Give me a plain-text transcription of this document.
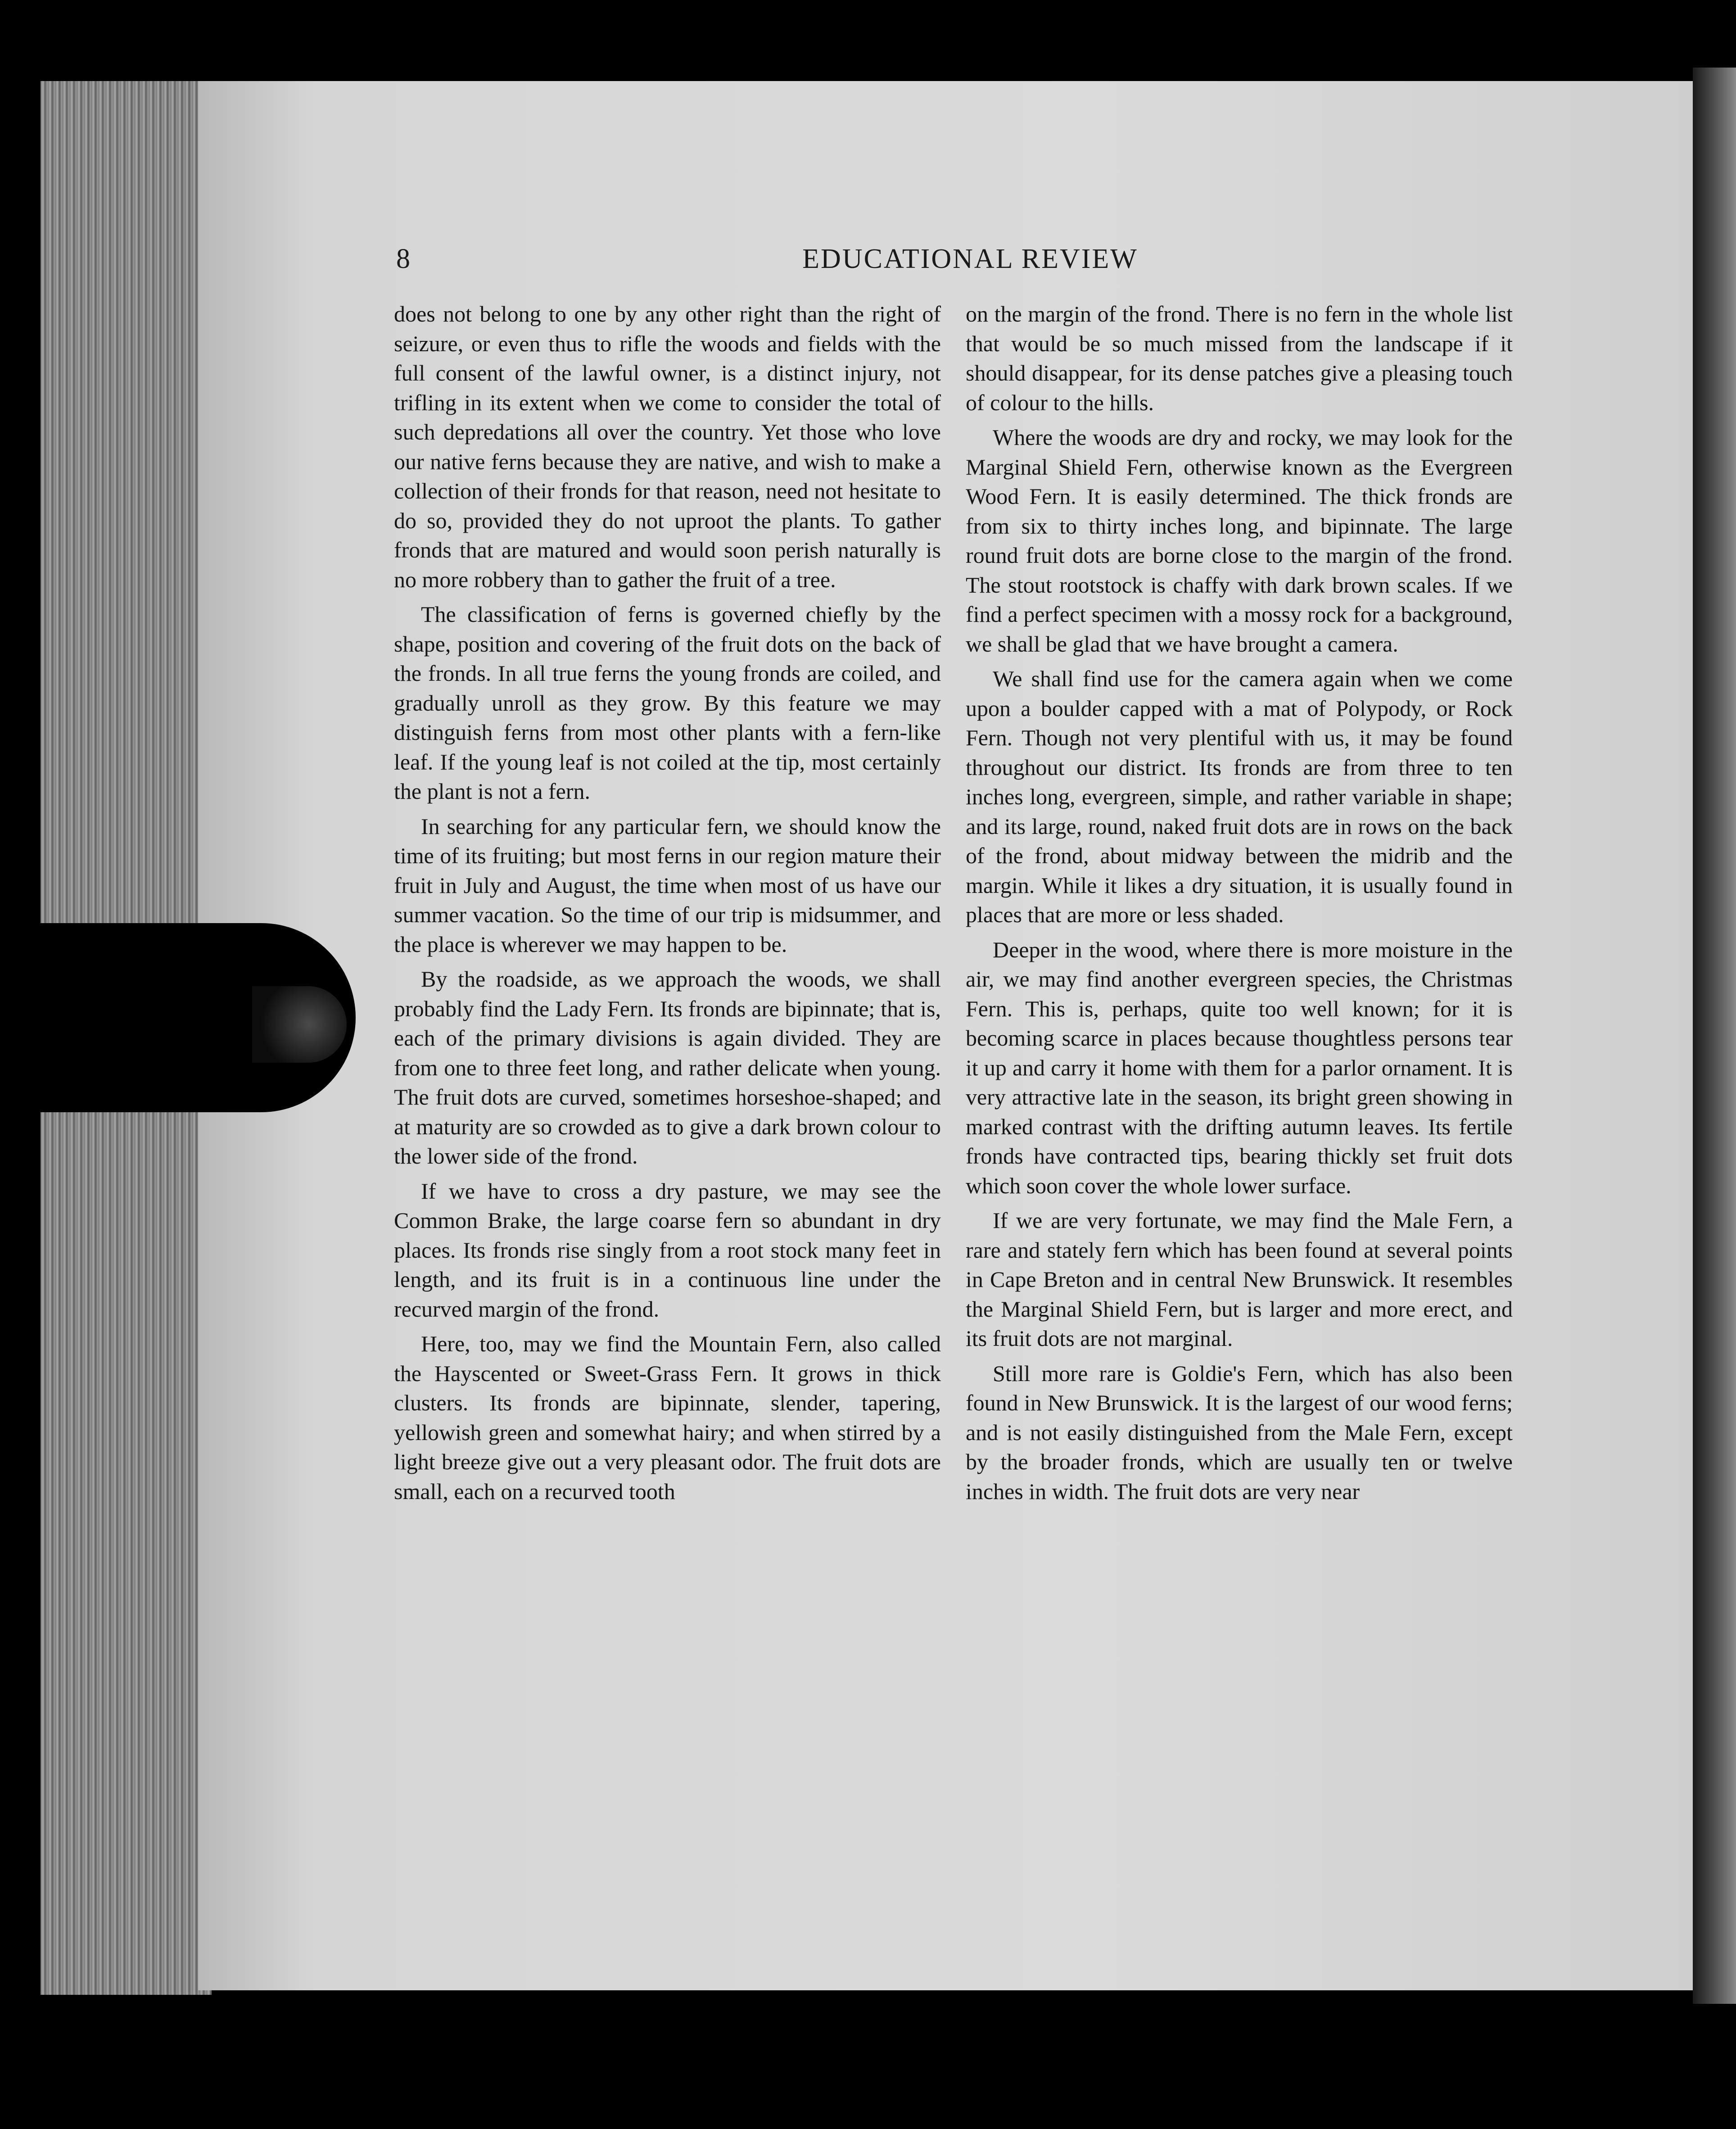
8	EDUCATIONAL REVIEW

does not belong to one by any other right than the right of seizure, or even thus to rifle the woods and fields with the full consent of the lawful owner, is a distinct injury, not trifling in its extent when we come to consider the total of such depredations all over the country. Yet those who love our native ferns because they are native, and wish to make a collection of their fronds for that reason, need not hesitate to do so, provided they do not uproot the plants. To gather fronds that are matured and would soon perish naturally is no more robbery than to gather the fruit of a tree.

The classification of ferns is governed chiefly by the shape, position and covering of the fruit dots on the back of the fronds. In all true ferns the young fronds are coiled, and gradually unroll as they grow. By this feature we may distinguish ferns from most other plants with a fern-like leaf. If the young leaf is not coiled at the tip, most certainly the plant is not a fern.

In searching for any particular fern, we should know the time of its fruiting; but most ferns in our region mature their fruit in July and August, the time when most of us have our summer vacation. So the time of our trip is midsummer, and the place is wherever we may happen to be.

By the roadside, as we approach the woods, we shall probably find the Lady Fern. Its fronds are bipinnate; that is, each of the primary divisions is again divided. They are from one to three feet long, and rather delicate when young. The fruit dots are curved, sometimes horseshoe-shaped; and at maturity are so crowded as to give a dark brown colour to the lower side of the frond.

If we have to cross a dry pasture, we may see the Common Brake, the large coarse fern so abundant in dry places. Its fronds rise singly from a root stock many feet in length, and its fruit is in a continuous line under the recurved margin of the frond.

Here, too, may we find the Mountain Fern, also called the Hayscented or Sweet-Grass Fern. It grows in thick clusters. Its fronds are bipinnate, slender, tapering, yellowish green and somewhat hairy; and when stirred by a light breeze give out a very pleasant odor. The fruit dots are small, each on a recurved tooth

on the margin of the frond. There is no fern in the whole list that would be so much missed from the landscape if it should disappear, for its dense patches give a pleasing touch of colour to the hills.

Where the woods are dry and rocky, we may look for the Marginal Shield Fern, otherwise known as the Evergreen Wood Fern. It is easily determined. The thick fronds are from six to thirty inches long, and bipinnate. The large round fruit dots are borne close to the margin of the frond. The stout rootstock is chaffy with dark brown scales. If we find a perfect specimen with a mossy rock for a background, we shall be glad that we have brought a camera.

We shall find use for the camera again when we come upon a boulder capped with a mat of Polypody, or Rock Fern. Though not very plentiful with us, it may be found throughout our district. Its fronds are from three to ten inches long, evergreen, simple, and rather variable in shape; and its large, round, naked fruit dots are in rows on the back of the frond, about midway between the midrib and the margin. While it likes a dry situation, it is usually found in places that are more or less shaded.

Deeper in the wood, where there is more moisture in the air, we may find another evergreen species, the Christmas Fern. This is, perhaps, quite too well known; for it is becoming scarce in places because thoughtless persons tear it up and carry it home with them for a parlor ornament. It is very attractive late in the season, its bright green showing in marked contrast with the drifting autumn leaves. Its fertile fronds have contracted tips, bearing thickly set fruit dots which soon cover the whole lower surface.

If we are very fortunate, we may find the Male Fern, a rare and stately fern which has been found at several points in Cape Breton and in central New Brunswick. It resembles the Marginal Shield Fern, but is larger and more erect, and its fruit dots are not marginal.

Still more rare is Goldie's Fern, which has also been found in New Brunswick. It is the largest of our wood ferns; and is not easily distinguished from the Male Fern, except by the broader fronds, which are usually ten or twelve inches in width. The fruit dots are very near
